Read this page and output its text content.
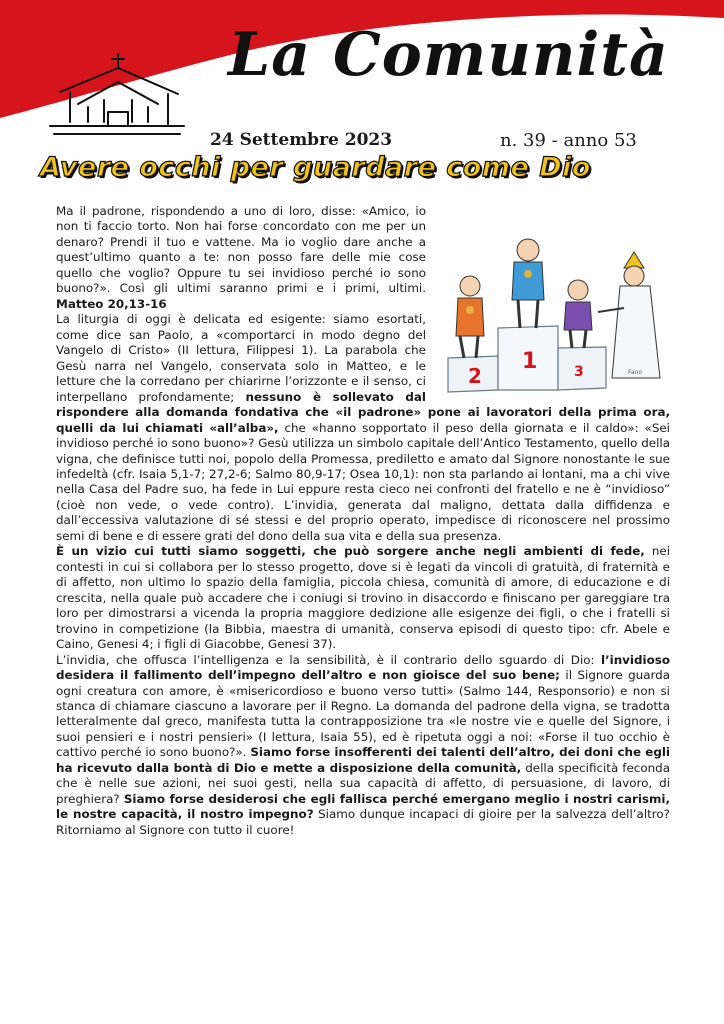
La Comunità
24 Settembre 2023	n. 39 - anno 53
Avere occhi per guardare come Dio
2
1	3	Fano

Ma il padrone, rispondendo a uno di loro, disse: «Amico, io non ti faccio torto. Non hai forse concordato con me per un denaro? Prendi il tuo e vattene. Ma io voglio dare anche a quest’ultimo quanto a te: non posso fare delle mie cose quello che voglio? Oppure tu sei invidioso perché io sono buono?». Così gli ultimi saranno primi e i primi, ultimi. Matteo 20,13-16

La liturgia di oggi è delicata ed esigente: siamo esortati, come dice san Paolo, a «comportarci in modo degno del Vangelo di Cristo» (II lettura, Filippesi 1). La parabola che Gesù narra nel Vangelo, conservata solo in Matteo, e le letture che la corredano per chiarirne l’orizzonte e il senso, ci interpellano profondamente; nessuno è sollevato dal rispondere alla domanda fondativa che «il padrone» pone ai lavoratori della prima ora, quelli da lui chiamati «all’alba», che «hanno sopportato il peso della giornata e il caldo»: «Sei invidioso perché io sono buono»? Gesù utilizza un simbolo capitale dell’Antico Testamento, quello della vigna, che definisce tutti noi, popolo della Promessa, prediletto e amato dal Signore nonostante le sue infedeltà (cfr. Isaia 5,1-7; 27,2-6; Salmo 80,9-17; Osea 10,1): non sta parlando ai lontani, ma a chi vive nella Casa del Padre suo, ha fede in Lui eppure resta cieco nei confronti del fratello e ne è “invidioso” (cioè non vede, o vede contro). L’invidia, generata dal maligno, dettata dalla diffidenza e dall’eccessiva valutazione di sé stessi e del proprio operato, impedisce di riconoscere nel prossimo semi di bene e di essere grati del dono della sua vita e della sua presenza.

È un vizio cui tutti siamo soggetti, che può sorgere anche negli ambienti di fede, nei contesti in cui si collabora per lo stesso progetto, dove si è legati da vincoli di gratuità, di fraternità e di affetto, non ultimo lo spazio della famiglia, piccola chiesa, comunità di amore, di educazione e di crescita, nella quale può accadere che i coniugi si trovino in disaccordo e finiscano per gareggiare tra loro per dimostrarsi a vicenda la propria maggiore dedizione alle esigenze dei figli, o che i fratelli si trovino in competizione (la Bibbia, maestra di umanità, conserva episodi di questo tipo: cfr. Abele e Caino, Genesi 4; i figli di Giacobbe, Genesi 37).

L’invidia, che offusca l’intelligenza e la sensibilità, è il contrario dello sguardo di Dio: l’invidioso desidera il fallimento dell’impegno dell’altro e non gioisce del suo bene; il Signore guarda ogni creatura con amore, è «misericordioso e buono verso tutti» (Salmo 144, Responsorio) e non si stanca di chiamare ciascuno a lavorare per il Regno. La domanda del padrone della vigna, se tradotta letteralmente dal greco, manifesta tutta la contrapposizione tra «le nostre vie e quelle del Signore, i suoi pensieri e i nostri pensieri» (I lettura, Isaia 55), ed è ripetuta oggi a noi: «Forse il tuo occhio è cattivo perché io sono buono?». Siamo forse insofferenti dei talenti dell’altro, dei doni che egli ha ricevuto dalla bontà di Dio e mette a disposizione della comunità, della specificità feconda che è nelle sue azioni, nei suoi gesti, nella sua capacità di affetto, di persuasione, di lavoro, di preghiera? Siamo forse desiderosi che egli fallisca perché emergano meglio i nostri carismi, le nostre capacità, il nostro impegno? Siamo dunque incapaci di gioire per la salvezza dell’altro? Ritorniamo al Signore con tutto il cuore!
